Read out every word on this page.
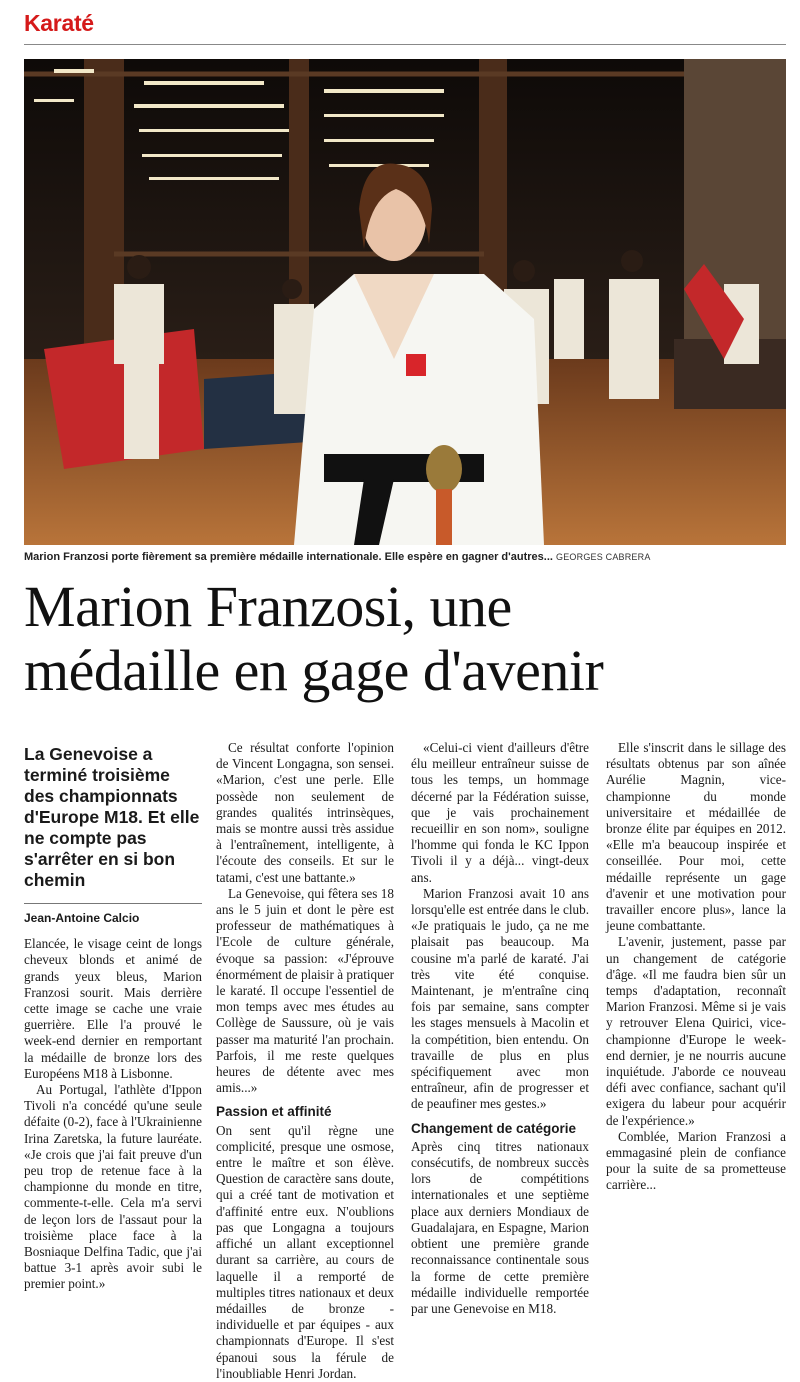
Karaté
Marion Franzosi porte fièrement sa première médaille internationale. Elle espère en gagner d'autres... GEORGES CABRERA
Marion Franzosi, une
médaille en gage d'avenir
La Genevoise a terminé troisième des championnats d'Europe M18. Et elle ne compte pas s'arrêter en si bon chemin
Jean-Antoine Calcio

Elancée, le visage ceint de longs cheveux blonds et animé de grands yeux bleus, Marion Franzosi sourit. Mais derrière cette image se cache une vraie guerrière. Elle l'a prouvé le week-end dernier en remportant la médaille de bronze lors des Européens M18 à Lisbonne.

Au Portugal, l'athlète d'Ippon Tivoli n'a concédé qu'une seule défaite (0-2), face à l'Ukrainienne Irina Zaretska, la future lauréate. «Je crois que j'ai fait preuve d'un peu trop de retenue face à la championne du monde en titre, commente-t-elle. Cela m'a servi de leçon lors de l'assaut pour la troisième place face à la Bosniaque Delfina Tadic, que j'ai battue 3-1 après avoir subi le premier point.»

Ce résultat conforte l'opinion de Vincent Longagna, son sensei. «Marion, c'est une perle. Elle possède non seulement de grandes qualités intrinsèques, mais se montre aussi très assidue à l'entraînement, intelligente, à l'écoute des conseils. Et sur le tatami, c'est une battante.»

La Genevoise, qui fêtera ses 18 ans le 5 juin et dont le père est professeur de mathématiques à l'Ecole de culture générale, évoque sa passion: «J'éprouve énormément de plaisir à pratiquer le karaté. Il occupe l'essentiel de mon temps avec mes études au Collège de Saussure, où je vais passer ma maturité l'an prochain. Parfois, il me reste quelques heures de détente avec mes amis...»

Passion et affinité

On sent qu'il règne une complicité, presque une osmose, entre le maître et son élève. Question de caractère sans doute, qui a créé tant de motivation et d'affinité entre eux. N'oublions pas que Longagna a toujours affiché un allant exceptionnel durant sa carrière, au cours de laquelle il a remporté de multiples titres nationaux et deux médailles de bronze - individuelle et par équipes - aux championnats d'Europe. Il s'est épanoui sous la férule de l'inoubliable Henri Jordan.

«Celui-ci vient d'ailleurs d'être élu meilleur entraîneur suisse de tous les temps, un hommage décerné par la Fédération suisse, que je vais prochainement recueillir en son nom», souligne l'homme qui fonda le KC Ippon Tivoli il y a déjà... vingt-deux ans.

Marion Franzosi avait 10 ans lorsqu'elle est entrée dans le club. «Je pratiquais le judo, ça ne me plaisait pas beaucoup. Ma cousine m'a parlé de karaté. J'ai très vite été conquise. Maintenant, je m'entraîne cinq fois par semaine, sans compter les stages mensuels à Macolin et la compétition, bien entendu. On travaille de plus en plus spécifiquement avec mon entraîneur, afin de progresser et de peaufiner mes gestes.»

Changement de catégorie

Après cinq titres nationaux consécutifs, de nombreux succès lors de compétitions internationales et une septième place aux derniers Mondiaux de Guadalajara, en Espagne, Marion obtient une première grande reconnaissance continentale sous la forme de cette première médaille individuelle remportée par une Genevoise en M18.

Elle s'inscrit dans le sillage des résultats obtenus par son aînée Aurélie Magnin, vice-championne du monde universitaire et médaillée de bronze élite par équipes en 2012. «Elle m'a beaucoup inspirée et conseillée. Pour moi, cette médaille représente un gage d'avenir et une motivation pour travailler encore plus», lance la jeune combattante.

L'avenir, justement, passe par un changement de catégorie d'âge. «Il me faudra bien sûr un temps d'adaptation, reconnaît Marion Franzosi. Même si je vais y retrouver Elena Quirici, vice-championne d'Europe le week-end dernier, je ne nourris aucune inquiétude. J'aborde ce nouveau défi avec confiance, sachant qu'il exigera du labeur pour acquérir de l'expérience.»

Comblée, Marion Franzosi a emmagasiné plein de confiance pour la suite de sa prometteuse carrière...
